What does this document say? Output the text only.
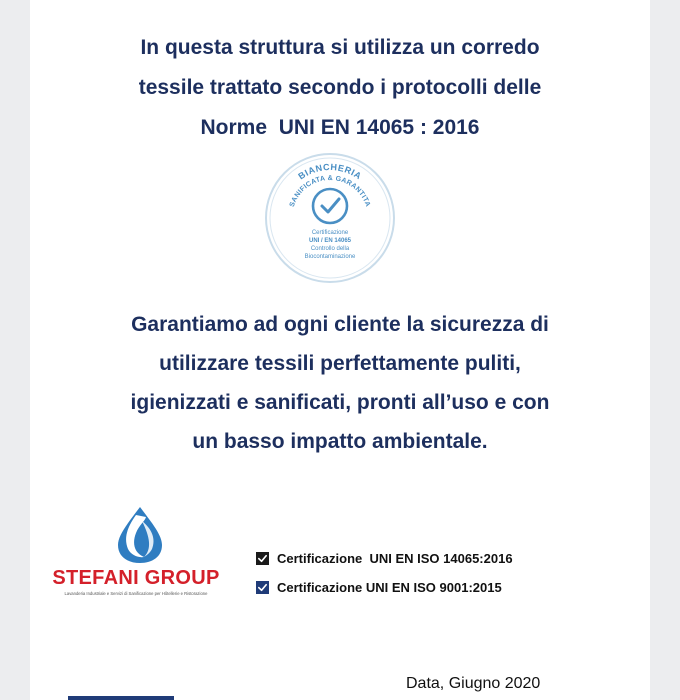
In questa struttura si utilizza un corredo
tessile trattato secondo i protocolli delle
Norme  UNI EN 14065 : 2016
BIANCHERIA
SANIFICATA & GARANTITA
Certificazione
UNI / EN 14065
Controllo della
Biocontaminazione
Garantiamo ad ogni cliente la sicurezza di
utilizzare tessili perfettamente puliti,
igienizzati e sanificati, pronti all’uso e con
un basso impatto ambientale.
STEFANI GROUP
Lavanderia Industriale e Servizi di Sanificazione per Hôtellerie e Ristorazione
Certificazione  UNI EN ISO 14065:2016
Certificazione UNI EN ISO 9001:2015
Data, Giugno 2020
